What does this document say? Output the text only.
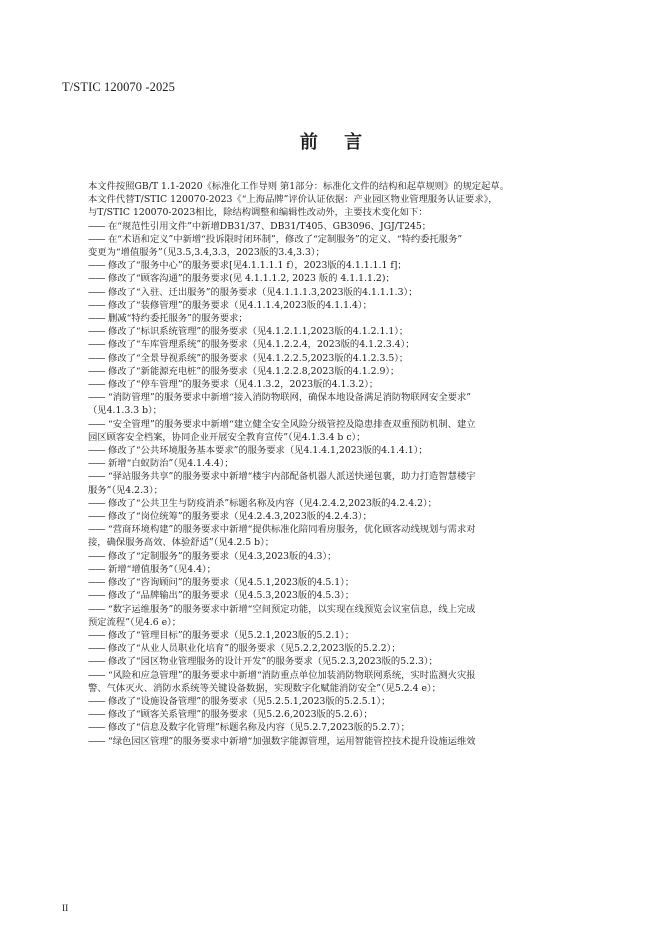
T/STIC 120070 -2025
前 言
本文件按照GB/T 1.1-2020《标准化工作导则 第1部分：标准化文件的结构和起草规则》的规定起草。
本文件代替T/STIC 120070-2023《“上海品牌”评价认证依据：产业园区物业管理服务认证要求》，
与T/STIC 120070-2023相比，除结构调整和编辑性改动外，主要技术变化如下：
—— 在“规范性引用文件”中新增DB31/37、DB31/T405、GB3096、JGJ/T245；
—— 在“术语和定义”中新增“投诉限时闭环制”，修改了“定制服务”的定义、“特约委托服务”
变更为“增值服务”（见3.5,3.4,3.3，2023版的3.4,3.3）；
—— 修改了“服务中心”的服务要求[见4.1.1.1.1 f），2023版的4.1.1.1.1 f]；
—— 修改了“顾客沟通”的服务要求(见 4.1.1.1.2, 2023 版的 4.1.1.1.2)；
—— 修改了“入驻、迁出服务”的服务要求（见4.1.1.1.3,2023版的4.1.1.1.3）；
—— 修改了“装修管理”的服务要求（见4.1.1.4,2023版的4.1.1.4）；
—— 删减“特约委托服务”的服务要求；
—— 修改了“标识系统管理”的服务要求（见4.1.2.1.1,2023版的4.1.2.1.1）；
—— 修改了“车库管理系统”的服务要求（见4.1.2.2.4，2023版的4.1.2.3.4）；
—— 修改了“全景导视系统”的服务要求（见4.1.2.2.5,2023版的4.1.2.3.5）；
—— 修改了“新能源充电桩”的服务要求（见4.1.2.2.8,2023版的4.1.2.9）；
—— 修改了“停车管理”的服务要求（见4.1.3.2，2023版的4.1.3.2）；
—— “消防管理”的服务要求中新增“接入消防物联网，确保本地设备满足消防物联网安全要求”
（见4.1.3.3 b）；
—— “安全管理”的服务要求中新增“建立健全安全风险分级管控及隐患排查双重预防机制、建立
园区顾客安全档案，协同企业开展安全教育宣传”（见4.1.3.4 b c）；
—— 修改了“公共环境服务基本要求”的服务要求（见4.1.4.1,2023版的4.1.4.1）；
—— 新增“白蚁防治”（见4.1.4.4）；
—— “驿站服务共享”的服务要求中新增“楼宇内部配备机器人派送快递包裹，助力打造智慧楼宇
服务”（见4.2.3）；
—— 修改了“公共卫生与防疫消杀”标题名称及内容（见4.2.4.2,2023版的4.2.4.2）；
—— 修改了“岗位统筹”的服务要求（见4.2.4.3,2023版的4.2.4.3）；
—— “营商环境构建”的服务要求中新增“提供标准化陪同看房服务，优化顾客动线规划与需求对
接，确保服务高效、体验舒适”（见4.2.5 b）；
—— 修改了“定制服务”的服务要求（见4.3,2023版的4.3）；
—— 新增“增值服务”（见4.4）；
—— 修改了“咨询顾问”的服务要求（见4.5.1,2023版的4.5.1）；
—— 修改了“品牌输出”的服务要求（见4.5.3,2023版的4.5.3）；
—— “数字运维服务”的服务要求中新增“空间预定功能，以实现在线预览会议室信息，线上完成
预定流程”（见4.6 e）；
—— 修改了“管理目标”的服务要求（见5.2.1,2023版的5.2.1）；
—— 修改了“从业人员职业化培育”的服务要求（见5.2.2,2023版的5.2.2）；
—— 修改了“园区物业管理服务的设计开发”的服务要求（见5.2.3,2023版的5.2.3）；
—— “风险和应急管理”的服务要求中新增“消防重点单位加装消防物联网系统，实时监测火灾报
警、气体灭火、消防水系统等关键设备数据，实现数字化赋能消防安全”（见5.2.4 e）；
—— 修改了“设施设备管理”的服务要求（见5.2.5.1,2023版的5.2.5.1）；
—— 修改了“顾客关系管理”的服务要求（见5.2.6,2023版的5.2.6）；
—— 修改了“信息及数字化管理”标题名称及内容（见5.2.7,2023版的5.2.7）；
—— “绿色园区管理”的服务要求中新增“加强数字能源管理，运用智能管控技术提升设施运维效
II
